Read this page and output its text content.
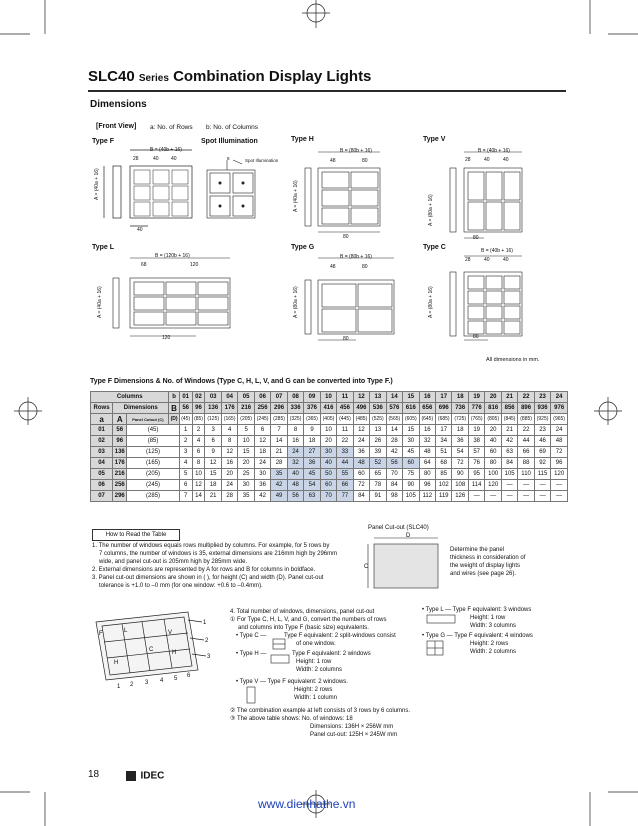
SLC40 Series Combination Display Lights
Dimensions
[Front View] a: No. of Rows b: No. of Columns
Type F	Spot Illumination	Type H	Type V
Type L	Type G	Type C
B = (40b + 16)
28	40 40
40
A = (40a + 16)
Spot Illumination
8
B = (80b + 16)
48	80
80
A = (40a + 16)
B = (40b + 16)
28	40	40
80
A = (80a + 16)
B = (120b + 16)
68	120
120
A = (40a + 16)
B = (80b + 16)
48	80
80
A = (80a + 16)
B = (40b + 16)
28	40	40
80
A = (80a + 16)
All dimensions in mm.
Type F Dimensions & No. of Windows (Type C, H, L, V, and G can be converted into Type F.)
Columns			b	01	02	03	04	05	06	07	08	09	10	11	12	13	14	15	16	17	18	19	20	21	22	23	24
Rows	Dimensions		B	56	96	136	176	216	256	296	336	376	416	456	496	536	576	616	656	696	736	776	816	856	896	936	976
a	A	Panel Cutout (C)	(D)	(45)	(85)	(125)	(165)	(205)	(245)	(285)	(325)	(365)	(405)	(445)	(485)	(525)	(565)	(605)	(645)	(685)	(725)	(765)	(805)	(845)	(885)	(925)	(965)
01	56	(45)		1	2	3	4	5	6	7	8	9	10	11	12	13	14	15	16	17	18	19	20	21	22	23	24
02	96	(85)		2	4	6	8	10	12	14	16	18	20	22	24	26	28	30	32	34	36	38	40	42	44	46	48
03	136	(125)		3	6	9	12	15	18	21	24	27	30	33	36	39	42	45	48	51	54	57	60	63	66	69	72
04	176	(165)		4	8	12	16	20	24	28	32	36	40	44	48	52	56	60	64	68	72	76	80	84	88	92	96
05	216	(205)		5	10	15	20	25	30	35	40	45	50	55	60	65	70	75	80	85	90	95	100	105	110	115	120
06	256	(245)		6	12	18	24	30	36	42	48	54	60	66	72	78	84	90	96	102	108	114	120	—	—	—	—
07	296	(285)		7	14	21	28	35	42	49	56	63	70	77	84	91	98	105	112	119	126	—	—	—	—	—	—
How to Read the Table
1. The number of windows equals rows multiplied by columns. For example, for 5 rows by
7 columns, the number of windows is 35, external dimensions are 216mm high by 296mm
wide, and panel cut-out is 205mm high by 285mm wide.
2. External dimensions are represented by A for rows and B for columns in boldface.
3. Panel cut-out dimensions are shown in ( ), for height (C) and width (D). Panel cut-out
tolerance is +1.0 to –0 mm (for one window: +0.6 to –0.4mm).
Panel Cut-out (SLC40)
D
C
Determine the panel
thickness in consideration of
the weight of display lights
and wires (see page 26).
F	L	V
C
H
H
1
2
3
1 2 3 4 5 6
4. Total number of windows, dimensions, panel cut-out
① For Type C, H, L, V, and G, convert the numbers of rows
and columns into Type F (basic size) equivalents.
• Type C —	Type F equivalent: 2 split-windows consist
of one window.
• Type H —	Type F equivalent: 2 windows
Height: 1 row
Width: 2 columns
• Type V — Type F equivalent: 2 windows.
Height: 2 rows
Width: 1 column
② The combination example at left consists of 3 rows by 6 columns.
③ The above table shows: No. of windows: 18
Dimensions: 136H × 256W mm
Panel cut-out: 125H × 245W mm
• Type L — Type F equivalent: 3 windows
Height: 1 row
Width: 3 columns
• Type G — Type F equivalent: 4 windows
Height: 2 rows
Width: 2 columns
18	IDEC
www.dienhathe.vn
